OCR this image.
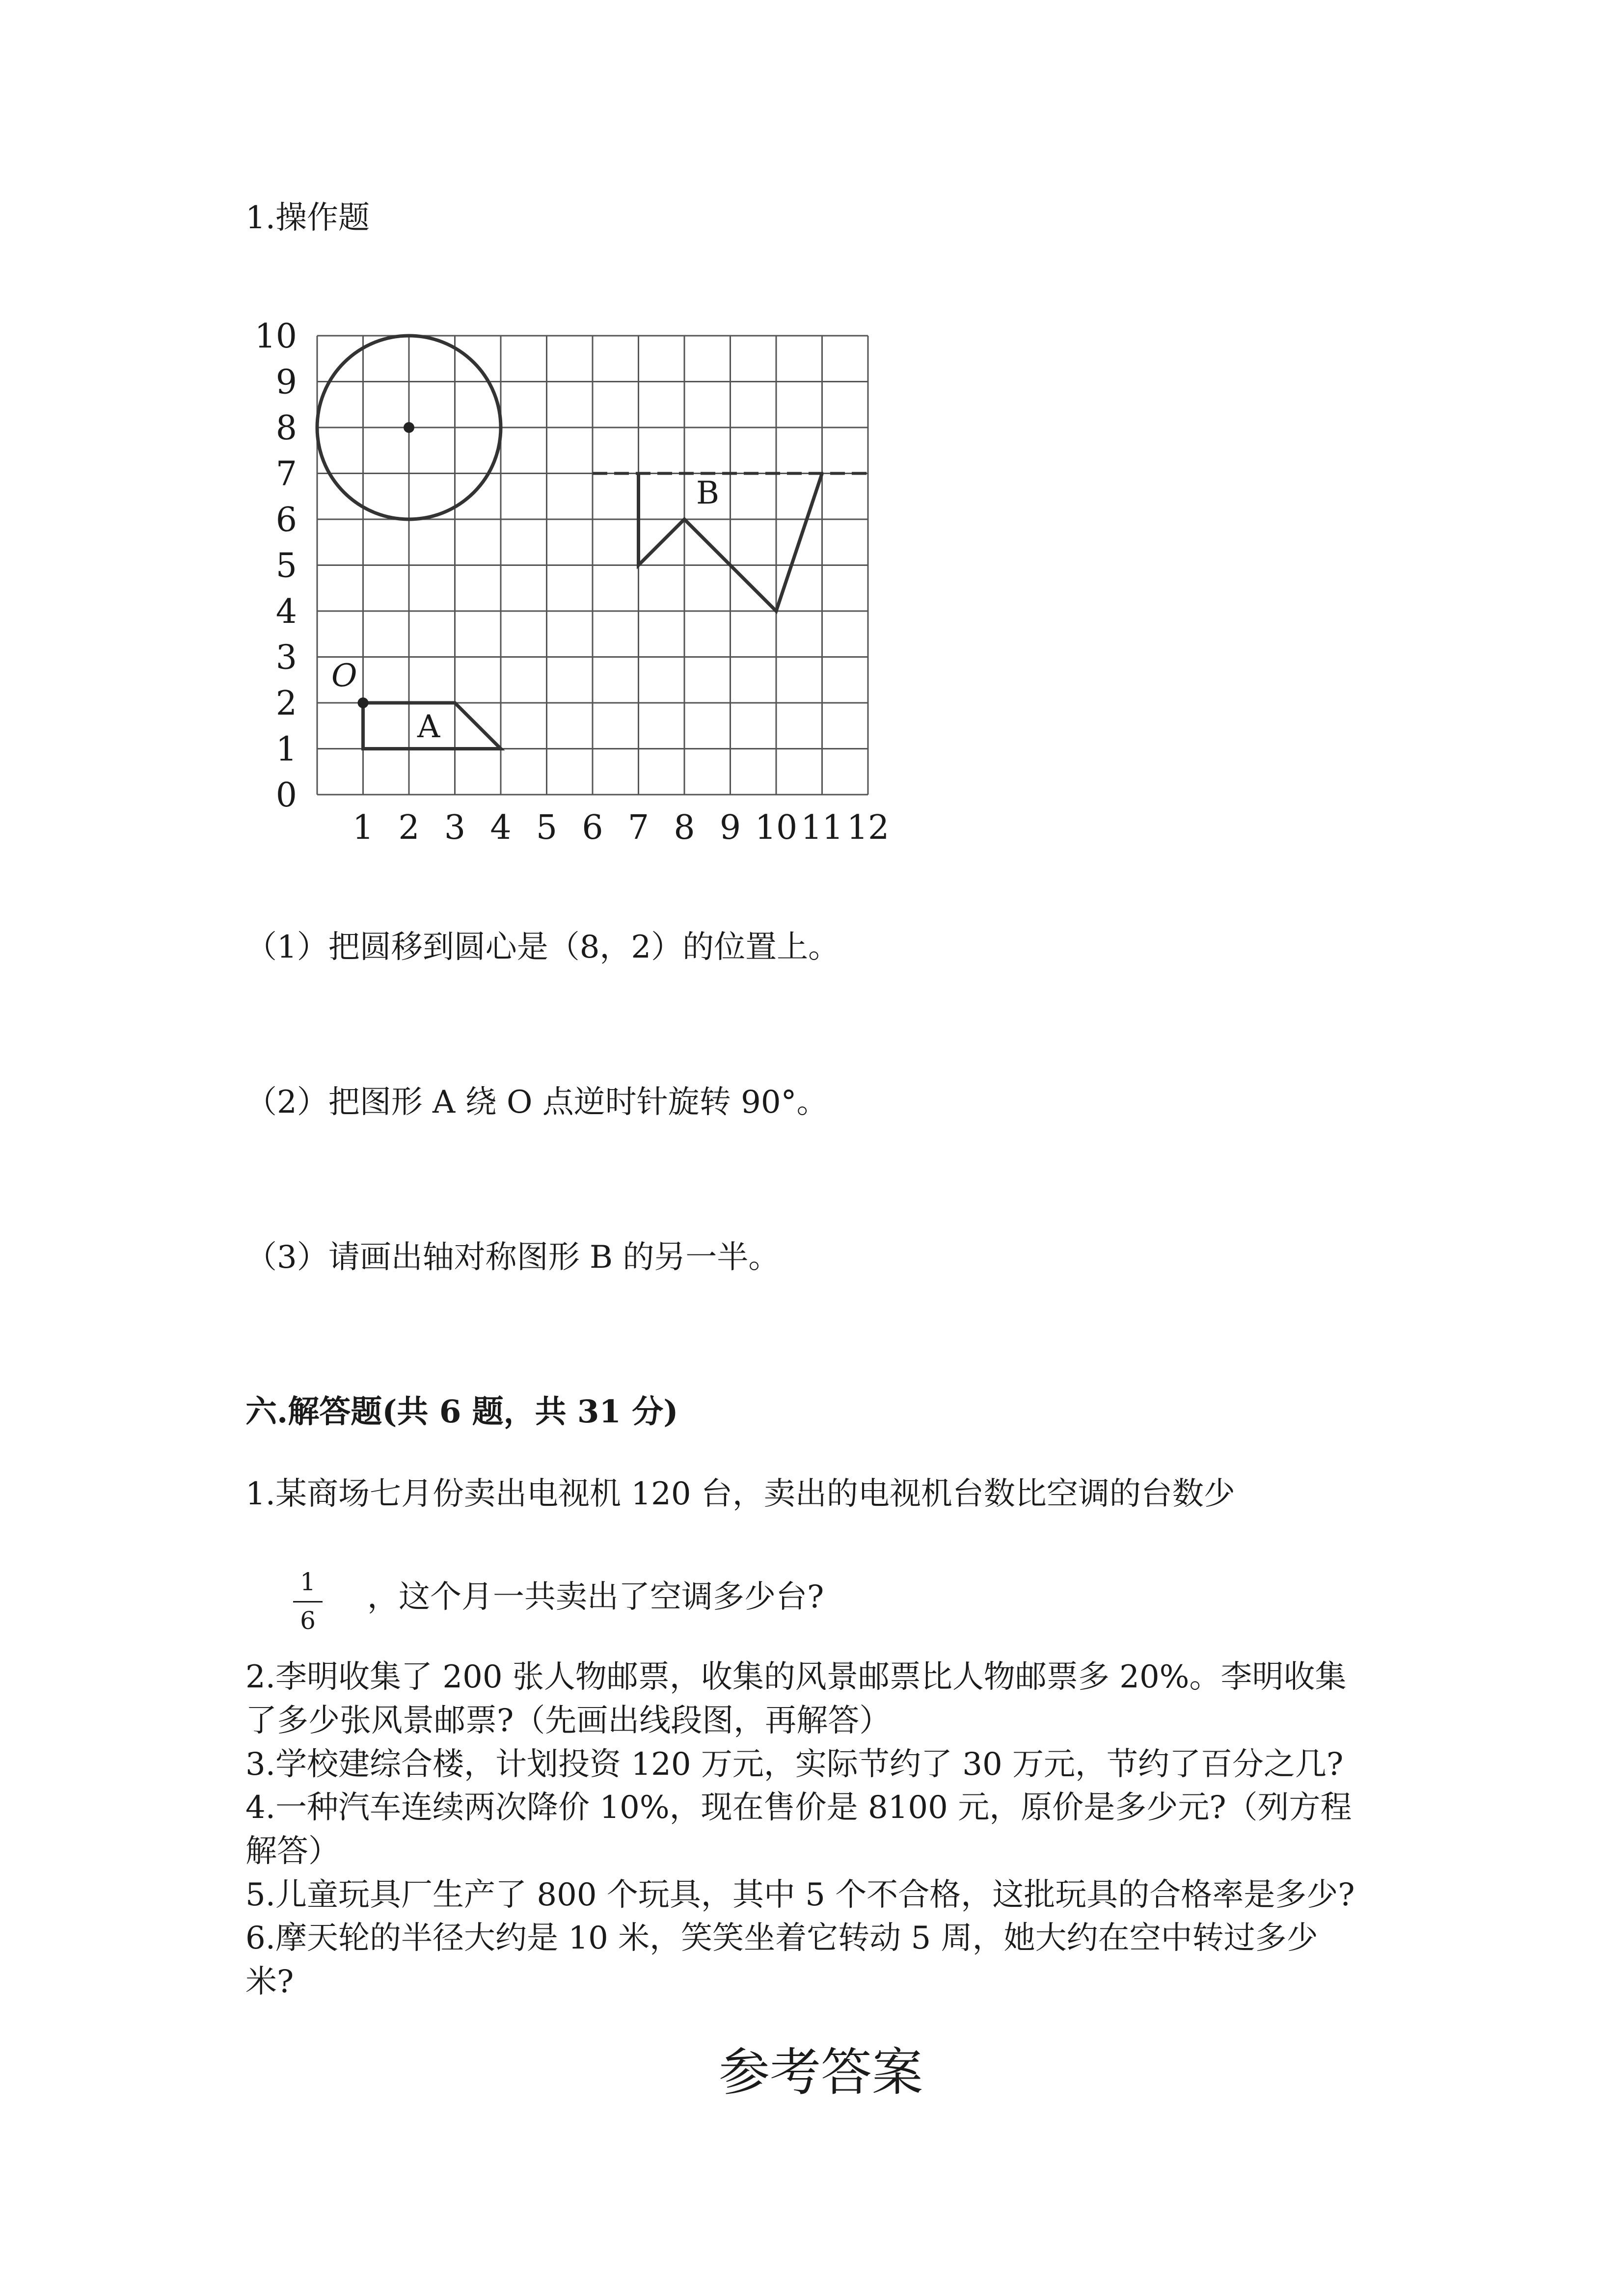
1.操作题
1 2 3 4 5 6 7 8 9 10 11 12
0
1
2
3
4
5
6
7
8
9
10
O
A
B
（1）把圆移到圆心是（8，2）的位置上。
（2）把图形 A 绕 O 点逆时针旋转 90°。
（3）请画出轴对称图形 B 的另一半。
六.解答题(共 6 题，共 31 分)
1.某商场七月份卖出电视机 120 台，卖出的电视机台数比空调的台数少
1
6
，这个月一共卖出了空调多少台?
2.李明收集了 200 张人物邮票，收集的风景邮票比人物邮票多 20%。李明收集
了多少张风景邮票?（先画出线段图，再解答）
3.学校建综合楼，计划投资 120 万元，实际节约了 30 万元，节约了百分之几?
4.一种汽车连续两次降价 10%，现在售价是 8100 元，原价是多少元?（列方程
解答）
5.儿童玩具厂生产了 800 个玩具，其中 5 个不合格，这批玩具的合格率是多少?
6.摩天轮的半径大约是 10 米，笑笑坐着它转动 5 周，她大约在空中转过多少
米?
参考答案
